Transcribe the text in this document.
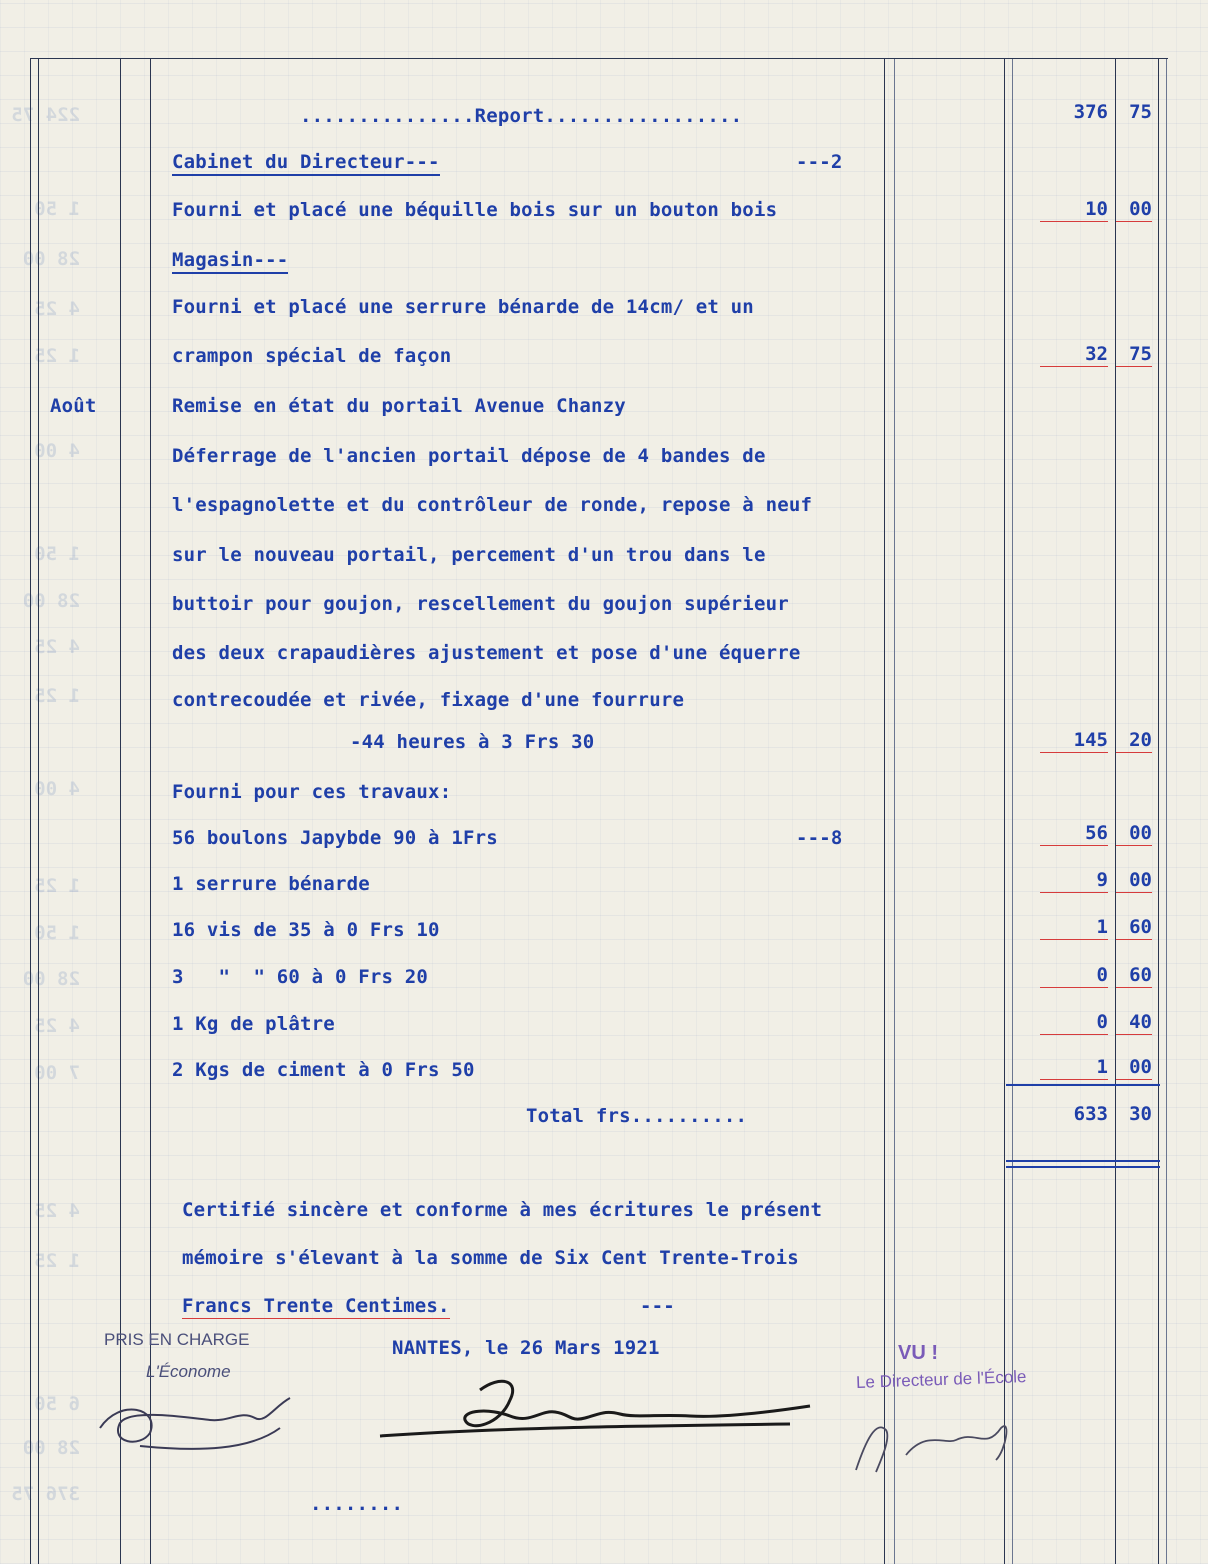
224 75
1 50
28 00
4 25
1 25
4 00
1 50
28 00
4 25
1 25
4 00
1 25
1 50
28 00
4 25
7 00
4 25
1 25
6 50
28 00
376 75
...............Report.................	376	75
Cabinet du Directeur---	---2
Fourni et placé une béquille bois sur un bouton bois	10	00
Magasin---
Fourni et placé une serrure bénarde de 14cm/ et un
crampon spécial de façon	32	75
Août	Remise en état du portail Avenue Chanzy
Déferrage de l'ancien portail dépose de 4 bandes de
l'espagnolette et du contrôleur de ronde, repose à neuf
sur le nouveau portail, percement d'un trou dans le
buttoir pour goujon, rescellement du goujon supérieur
des deux crapaudières ajustement et pose d'une équerre
contrecoudée et rivée, fixage d'une fourrure
-44 heures à 3 Frs 30	145	20
Fourni pour ces travaux:
56 boulons Japybde 90 à 1Frs	---8	56	00
1 serrure bénarde	9	00
16 vis de 35 à 0 Frs 10	1	60
3   "  " 60 à 0 Frs 20	0	60
1 Kg de plâtre	0	40
2 Kgs de ciment à 0 Frs 50	1	00
Total frs..........	633	30
Certifié sincère et conforme à mes écritures le présent
mémoire s'élevant à la somme de Six Cent Trente-Trois
Francs Trente Centimes.	---
NANTES, le 26 Mars 1921
PRIS EN CHARGE
L'Économe
VU !
Le Directeur de l'École
........
